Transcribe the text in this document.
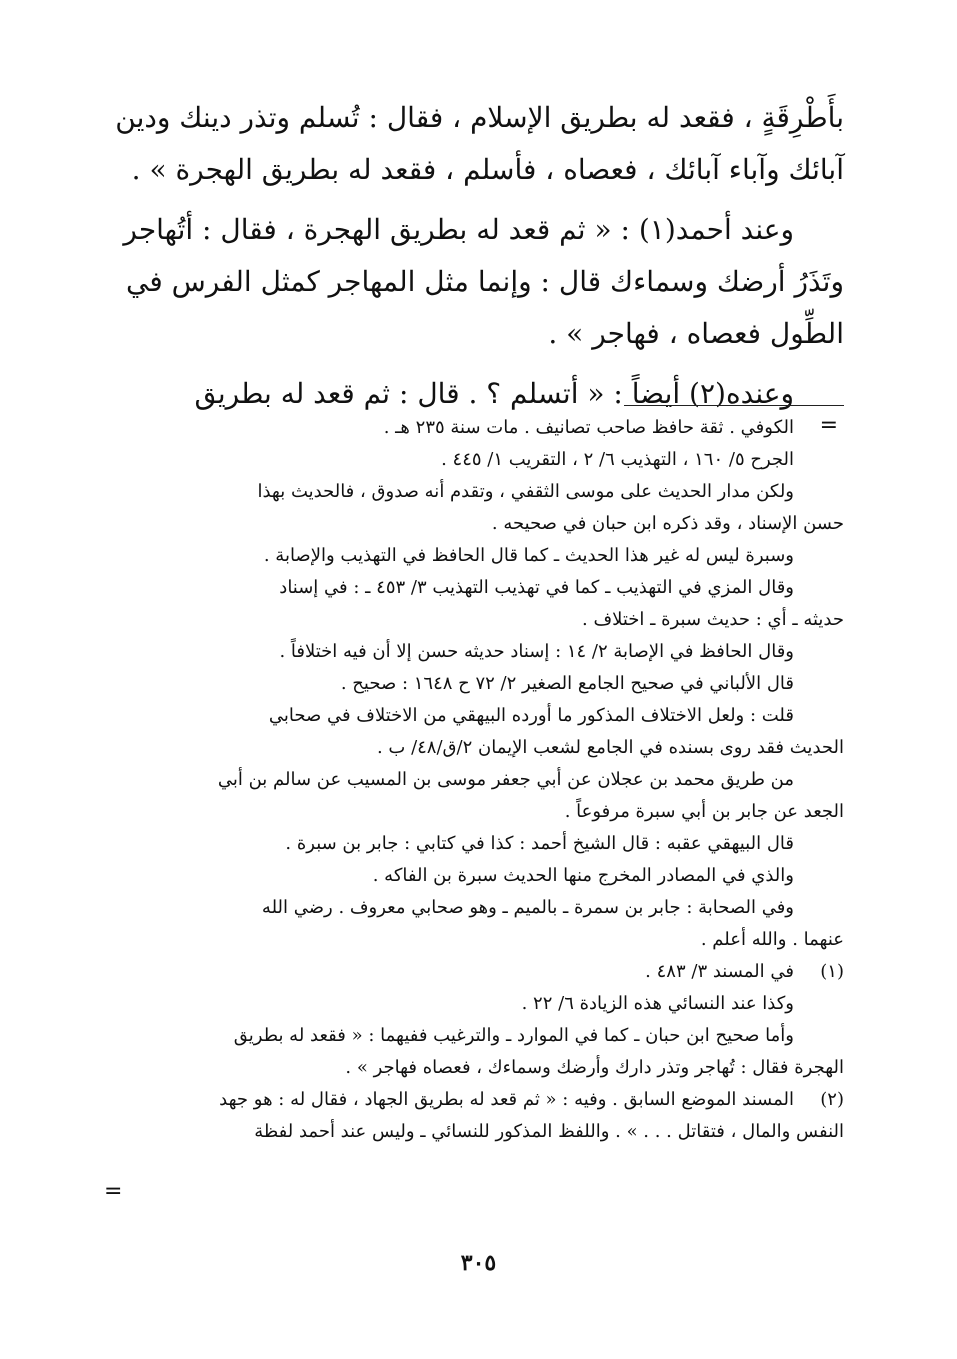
بأَطْرِقَةٍ ، فقعد له بطريق الإسلام ، فقال : تُسلم وتذر دينك ودين

آبائك وآباء آبائك ، فعصاه ، فأسلم ، فقعد له بطريق الهجرة » .

وعند أحمد(١) : « ثم قعد له بطريق الهجرة ، فقال : أتُهاجر

وتَذَرُ أرضك وسماءك قال : وإنما مثل المهاجر كمثل الفرس في

الطِّول فعصاه ، فهاجر » .

وعنده(٢) أيضاً : « أتسلم ؟ . قال : ثم قعد له بطريق

=

الكوفي . ثقة حافظ صاحب تصانيف . مات سنة ٢٣٥ هـ .

الجرح ٥/ ١٦٠ ، التهذيب ٦/ ٢ ، التقريب ١/ ٤٤٥ .

ولكن مدار الحديث على موسى الثقفي ، وتقدم أنه صدوق ، فالحديث بهذا

حسن الإسناد ، وقد ذكره ابن حبان في صحيحه .

وسبرة ليس له غير هذا الحديث ـ كما قال الحافظ في التهذيب والإصابة .

وقال المزي في التهذيب ـ كما في تهذيب التهذيب ٣/ ٤٥٣ ـ : في إسناد

حديثه ـ أي : حديث سبرة ـ اختلاف .

وقال الحافظ في الإصابة ٢/ ١٤ : إسناد حديثه حسن إلا أن فيه اختلافاً .

قال الألباني في صحيح الجامع الصغير ٢/ ٧٢ ح ١٦٤٨ : صحيح .

قلت : ولعل الاختلاف المذكور ما أورده البيهقي من الاختلاف في صحابي

الحديث فقد روى بسنده في الجامع لشعب الإيمان ٢/ق/٤٨/ ب .

من طريق محمد بن عجلان عن أبي جعفر موسى بن المسيب عن سالم بن أبي

الجعد عن جابر بن أبي سبرة مرفوعاً .

قال البيهقي عقبه : قال الشيخ أحمد : كذا في كتابي : جابر بن سبرة .

والذي في المصادر المخرج منها الحديث سبرة بن الفاكه .

وفي الصحابة : جابر بن سمرة ـ بالميم ـ وهو صحابي معروف . رضي الله

عنهما . والله أعلم .

(١)في المسند ٣/ ٤٨٣ .

وكذا عند النسائي هذه الزيادة ٦/ ٢٢ .

وأما صحيح ابن حبان ـ كما في الموارد ـ والترغيب ففيهما : « فقعد له بطريق

الهجرة فقال : تُهاجر وتذر دارك وأرضك وسماءك ، فعصاه فهاجر » .

(٢)المسند الموضع السابق . وفيه : « ثم قعد له بطريق الجهاد ، فقال له : هو جهد

النفس والمال ، فتقاتل . . . » . واللفظ المذكور للنسائي ـ وليس عند أحمد لفظة

=
٣٠٥
